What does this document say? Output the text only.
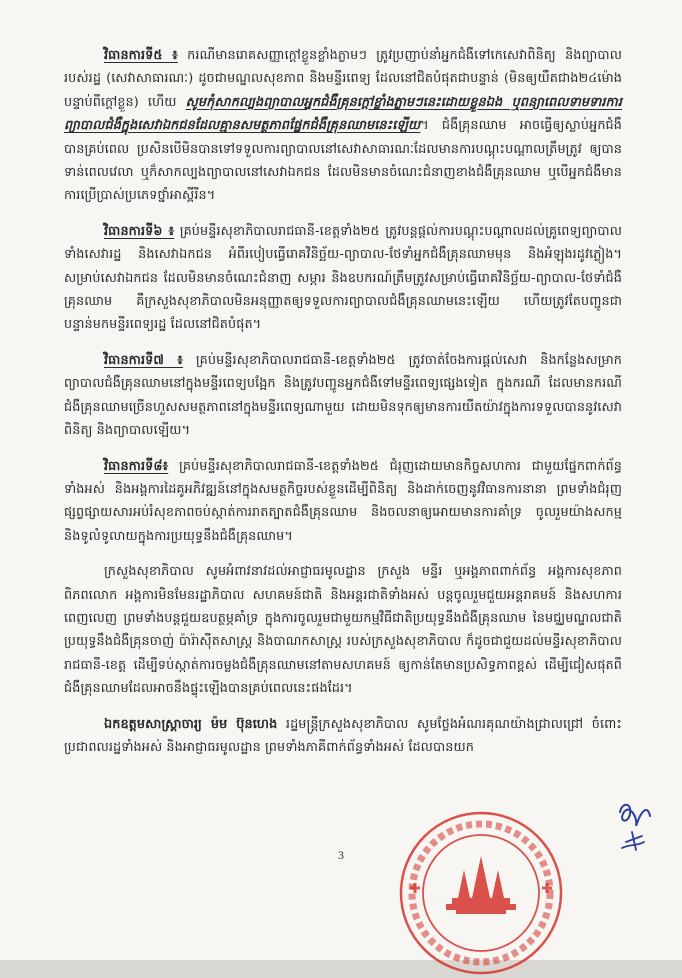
វិធានការទី៥ ៖ ករណីមានរោគសញ្ញាក្តៅខ្លួនខ្លាំងភ្លាមៗ ត្រូវប្រញាប់នាំអ្នកជំងឺទៅកេសេវាពិនិត្យ និងព្យាបាលរបស់រដ្ឋ (សេវាសាធារណៈ) ដូចជាមណ្ឌលសុខភាព និងមន្ទីរពេទ្យ ដែលនៅជិតបំផុតជាបន្ទាន់ (មិនឲ្យយឺតជាង២៤ម៉ោង បន្ទាប់ពីក្តៅខ្លួន) ហើយ សូមកុំសាកល្បងព្យាបាលអ្នកជំងឺគ្រុនក្តៅខ្លាំងភ្លាមៗនេះដោយខ្លួនឯង ឬពន្យាពេលទាមទារការព្យាបាលជំងឺក្នុងសេវាឯកជនដែលគ្មានសមត្ថភាពផ្នែកជំងឺគ្រុនឈាមនេះឡើយ។ ជំងឺគ្រុនឈាម អាចធ្វើឲ្យស្លាប់អ្នកជំងឺបានគ្រប់ពេល ប្រសិនបើមិនបានទៅទទួលការព្យាបាលនៅសេវាសាធារណៈដែលមានការបណ្តុះបណ្តាលត្រឹមត្រូវ ឲ្យបានទាន់ពេលវេលា ឬក៏សាកល្បងព្យាបាលនៅសេវាឯកជន ដែលមិនមានចំណេះជំនាញខាងជំងឺគ្រុនឈាម ឬបើអ្នកជំងឺមានការប្រើប្រាស់ប្រភេទថ្នាំអាស្ពីរីន។

វិធានការទី៦ ៖ គ្រប់មន្ទីរសុខាភិបាលរាជធានី-ខេត្តទាំង២៥ ត្រូវបន្តផ្តល់ការបណ្តុះបណ្តាលដល់គ្រូពេទ្យព្យាបាលទាំងសេវារដ្ឋ និងសេវាឯកជន អំពីរបៀបធ្វើរោគវិនិច្ឆ័យ-ព្យាបាល-ថែទាំអ្នកជំងឺគ្រុនឈាមមុន និងអំឡុងរដូវភ្លៀង។ សម្រាប់សេវាឯកជន ដែលមិនមានចំណេះជំនាញ សម្ភារ និងឧបករណ៍ត្រឹមត្រូវសម្រាប់ធ្វើរោគវិនិច្ឆ័យ-ព្យាបាល-ថែទាំជំងឺគ្រុនឈាម គឺក្រសួងសុខាភិបាលមិនអនុញ្ញាតឲ្យទទួលការព្យាបាលជំងឺគ្រុនឈាមនេះឡើយ ហើយត្រូវតែបញ្ជូនជាបន្ទាន់មកមន្ទីរពេទ្យរដ្ឋ ដែលនៅជិតបំផុត។

វិធានការទី៧ ៖ គ្រប់មន្ទីរសុខាភិបាលរាជធានី-ខេត្តទាំង២៥ ត្រូវចាត់ចែងការផ្តល់សេវា និងកន្លែងសម្រាកព្យាបាលជំងឺគ្រុនឈាមនៅក្នុងមន្ទីរពេទ្យបង្អែក និងត្រូវបញ្ជូនអ្នកជំងឺទៅមន្ទីរពេទ្យផ្សេងទៀត ក្នុងករណី ដែលមានករណីជំងឺគ្រុនឈាមច្រើនហួសសមត្ថភាពនៅក្នុងមន្ទីរពេទ្យណាមួយ ដោយមិនទុកឲ្យមានការយឺតយ៉ាវក្នុងការទទួលបាននូវសេវាពិនិត្យ និងព្យាបាលឡើយ។

វិធានការទី៨៖ គ្រប់មន្ទីរសុខាភិបាលរាជធានី-ខេត្តទាំង២៥ ជំរុញដោយមានកិច្ចសហការ ជាមួយផ្នែកពាក់ព័ន្ធទាំងអស់ និងអង្គការដៃគូអភិវឌ្ឍន៍នៅក្នុងសមត្ថកិច្ចរបស់ខ្លួនដើម្បីពិនិត្យ និងដាក់ចេញនូវវិធានការនានា ព្រមទាំងជំរុញផ្សព្វផ្សាយសារអប់រំសុខភាពចប់ស្កាត់ការរាតត្បាតជំងឺគ្រុនឈាម និងចលនាឲ្យអោយមានការគាំទ្រ ចូលរួមយ៉ាងសកម្ម និងទូលំទូលាយក្នុងការប្រយុទ្ធនឹងជំងឺគ្រុនឈាម។

ក្រសួងសុខាភិបាល សូមអំពាវនាវដល់អាជ្ញាធរមូលដ្ឋាន ក្រសួង មន្ទីរ ឬអង្គភាពពាក់ព័ន្ធ អង្គការសុខភាពពិភពលោក អង្គការមិនមែនរដ្ឋាភិបាល សហគមន៍ជាតិ និងអន្តរជាតិទាំងអស់ បន្តចូលរួមជួយអន្តរាគមន៍ និងសហការពេញលេញ ព្រមទាំងបន្តជួយឧបត្ថម្ភគាំទ្រ ក្នុងការចូលរួមជាមួយកម្មវិធីជាតិប្រយុទ្ធនឹងជំងឺគ្រុនឈាម នៃមជ្ឈមណ្ឌលជាតិប្រយុទ្ធនឹងជំងឺគ្រុនចាញ់ ប៉ារ៉ាស៊ីតសាស្ត្រ និងបាណកសាស្ត្រ របស់ក្រសួងសុខាភិបាល ក៏ដូចជាជួយដល់មន្ទីរសុខាភិបាលរាជធានី-ខេត្ត ដើម្បីទប់ស្កាត់ការចម្លងជំងឺគ្រុនឈាមនៅតាមសហគមន៍ ឲ្យកាន់តែមានប្រសិទ្ធភាពខ្ពស់ ដើម្បីជៀសផុតពីជំងឺគ្រុនឈាមដែលអាចនឹងផ្ទុះឡើងបានគ្រប់ពេលនេះផងដែរ។

ឯកឧត្តមសាស្ត្រាចារ្យ ម៉ម ប៊ុនហេង រដ្ឋមន្ត្រីក្រសួងសុខាភិបាល សូមថ្លែងអំណរគុណយ៉ាងជ្រាលជ្រៅ ចំពោះប្រជាពលរដ្ឋទាំងអស់ និងអាជ្ញាធរមូលដ្ឋាន ព្រមទាំងភាគីពាក់ព័ន្ធទាំងអស់ ដែលបានយក

3
